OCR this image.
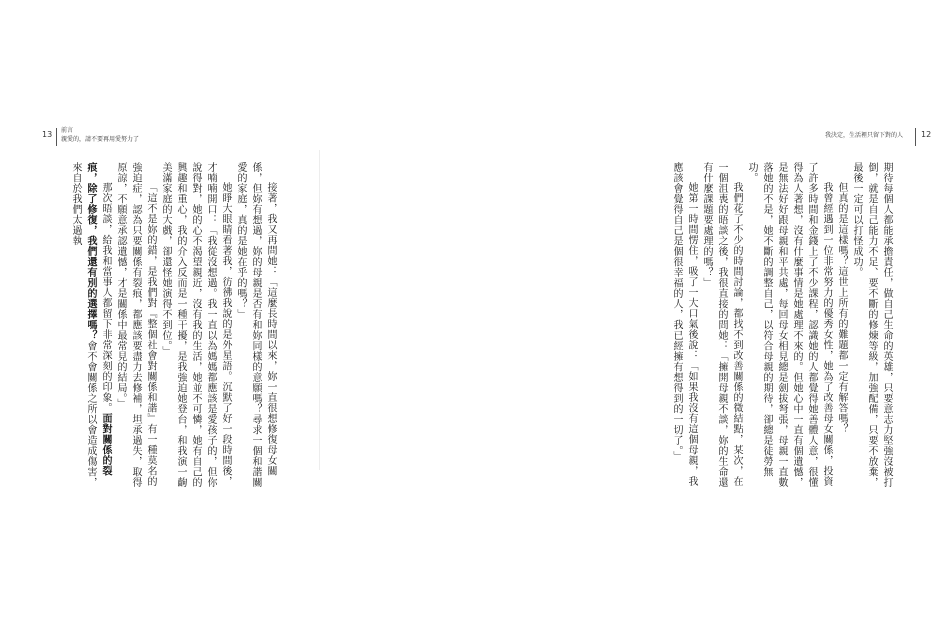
13 前言
親愛的，請不要再用愛努力了

接著，我又再問她：「這麼長時間以來，妳一直很想修復母女關係，但妳有想過，妳的母親是否有和妳同樣的意願嗎？尋求一個和諧關愛的家庭，真的是她在乎的嗎？」

她睜大眼睛看著我，彷彿我說的是外星語。沉默了好一段時間後，才喃喃開口：「我從沒想過。我一直以為媽媽都應該是愛孩子的，但你說得對，她的心不渴望親近，沒有我的生活，她並不可憐，她有自己的興趣和重心，我的介入反而是一種干擾，是我強迫她登台，和我演一齣美滿家庭的大戲，卻還怪她演得不到位。」

「這不是妳的錯，是我們對『整個社會對關係和諧』有一種莫名的強迫症，認為只要關係有裂痕，都應該要盡力去修補，坦承過失，取得原諒，不願意承認遺憾，才是關係中最常見的結局。」

那次晤談，給我和當事人都留下非常深刻的印象。面對關係的裂痕，除了修復，我們還有別的選擇嗎？會不會關係之所以會造成傷害，來自於我們太過執

我決定，生活裡只留下對的人 12

期待每個人都能承擔責任，做自己生命的英雄，只要意志力堅強沒被打倒，就是自己能力不足、要不斷的修煉等級，加強配備，只要不放棄，最後一定可以打怪成功。

但真的是這樣嗎？這世上所有的難題都一定有解答嗎？

我曾經遇到一位非常努力的優秀女性，她為了改善母女關係，投資了許多時間和金錢上了不少課程，認識她的人都覺得她善體人意，很懂得為人著想，沒有什麼事情是她處理不來的。但她心中一直有個遺憾，是無法好好跟母親和平共處，每回母女相見總是劍拔弩張，母親一直數落她的不是，她不斷的調整自己，以符合母親的期待，卻總是徒勞無功。

我們花了不少的時間討論，都找不到改善關係的微結點，某次，在一個沮喪的晤談之後，我很直接的問她：「擁開母親不談，妳的生命還有什麼課題要處理的嗎？」

她第一時間愣住，吸了一大口氣後說：「如果我沒有這個母親，我應該會覺得自己是個很幸福的人，我已經擁有想得到的一切了。」
